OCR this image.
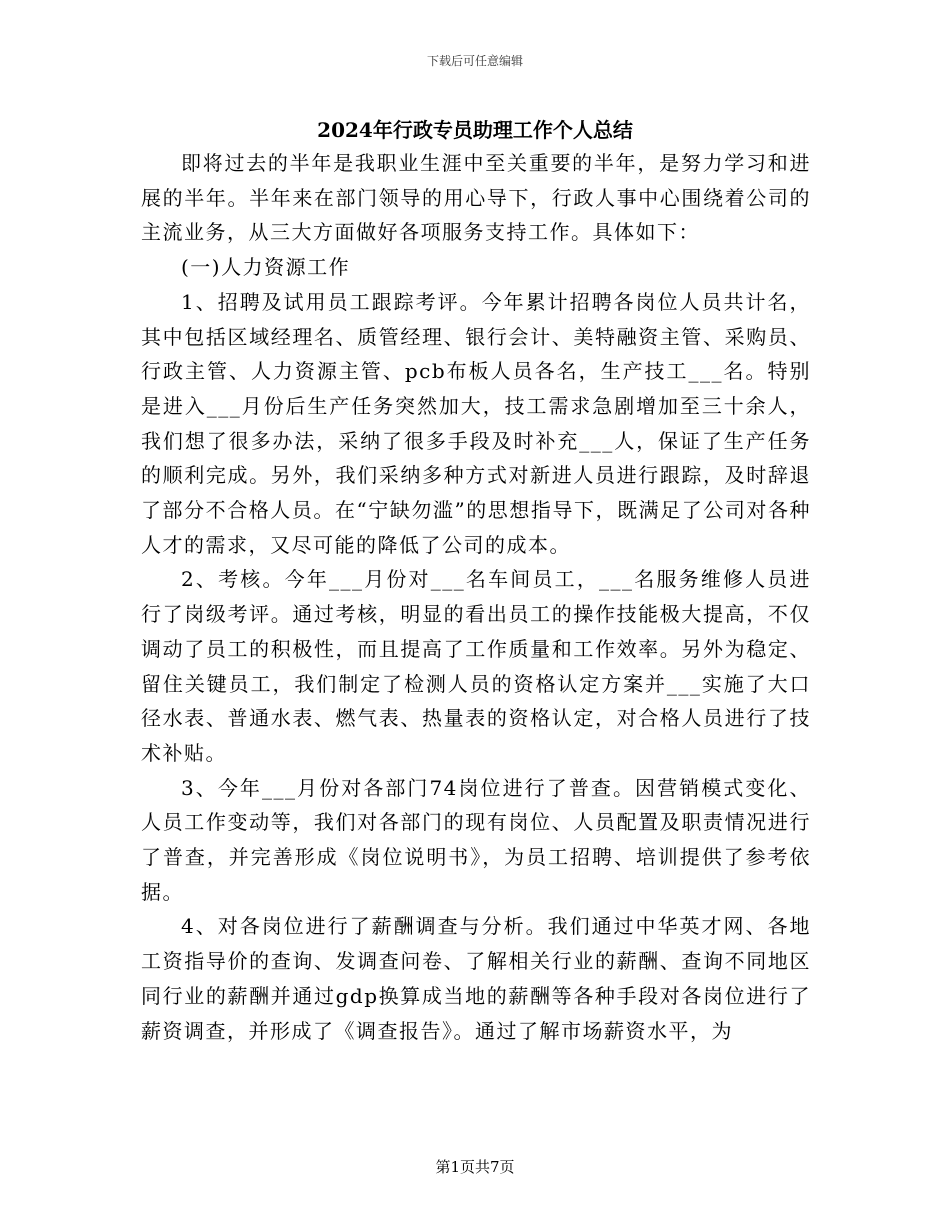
下载后可任意编辑
2024年行政专员助理工作个人总结

即将过去的半年是我职业生涯中至关重要的半年，是努力学习和进展的半年。半年来在部门领导的用心导下，行政人事中心围绕着公司的主流业务，从三大方面做好各项服务支持工作。具体如下：

(一)人力资源工作

1、招聘及试用员工跟踪考评。今年累计招聘各岗位人员共计名，其中包括区域经理名、质管经理、银行会计、美特融资主管、采购员、行政主管、人力资源主管、pcb布板人员各名，生产技工___名。特别是进入___月份后生产任务突然加大，技工需求急剧增加至三十余人，我们想了很多办法，采纳了很多手段及时补充___人，保证了生产任务的顺利完成。另外，我们采纳多种方式对新进人员进行跟踪，及时辞退了部分不合格人员。在“宁缺勿滥”的思想指导下，既满足了公司对各种人才的需求，又尽可能的降低了公司的成本。

2、考核。今年___月份对___名车间员工，___名服务维修人员进行了岗级考评。通过考核，明显的看出员工的操作技能极大提高，不仅调动了员工的积极性，而且提高了工作质量和工作效率。另外为稳定、留住关键员工，我们制定了检测人员的资格认定方案并___实施了大口径水表、普通水表、燃气表、热量表的资格认定，对合格人员进行了技术补贴。

3、今年___月份对各部门74岗位进行了普查。因营销模式变化、人员工作变动等，我们对各部门的现有岗位、人员配置及职责情况进行了普查，并完善形成《岗位说明书》，为员工招聘、培训提供了参考依据。

4、对各岗位进行了薪酬调查与分析。我们通过中华英才网、各地工资指导价的查询、发调查问卷、了解相关行业的薪酬、查询不同地区同行业的薪酬并通过gdp换算成当地的薪酬等各种手段对各岗位进行了薪资调查，并形成了《调查报告》。通过了解市场薪资水平，为

第1页共7页
